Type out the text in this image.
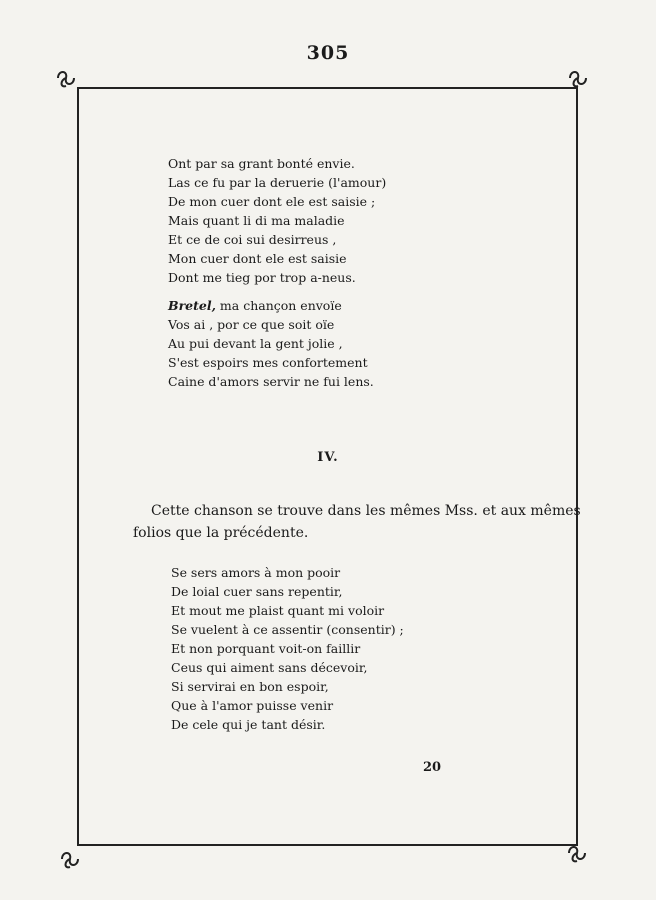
305
Ont par sa grant bonté envie.
Las ce fu par la deruerie (l'amour)
De mon cuer dont ele est saisie ;
Mais quant li di ma maladie
Et ce de coi sui desirreus ,
Mon cuer dont ele est saisie
Dont me tieg por trop a-neus.
Bretel, ma chançon envoïe
Vos ai , por ce que soit oïe
Au pui devant la gent jolie ,
S'est espoirs mes confortement
Caine d'amors servir ne fui lens.
IV.

Cette chanson se trouve dans les mêmes Mss. et aux mêmes
folios que la précédente.

Se sers amors à mon pooir
De loial cuer sans repentir,
Et mout me plaist quant mi voloir
Se vuelent à ce assentir (consentir) ;
Et non porquant voit-on faillir
Ceus qui aiment sans décevoir,
Si servirai en bon espoir,
Que à l'amor puisse venir
De cele qui je tant désir.
20
